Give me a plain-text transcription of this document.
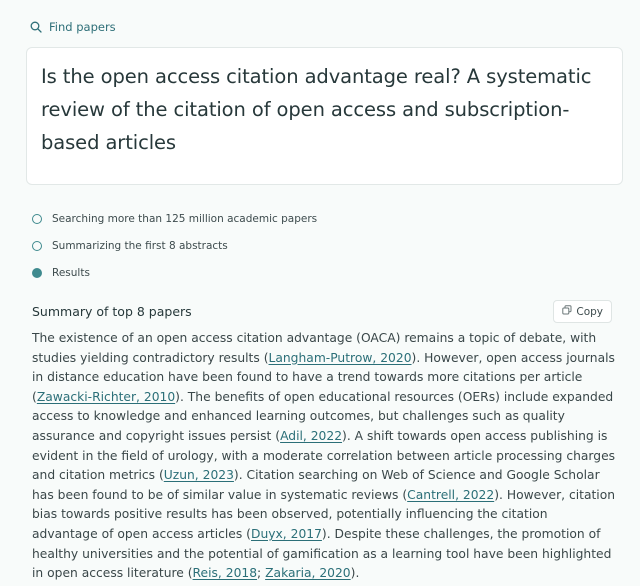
Find papers
Is the open access citation advantage real? A systematic review of the citation of open access and subscription-based articles
Searching more than 125 million academic papers
Summarizing the first 8 abstracts
Results
Summary of top 8 papers	Copy
The existence of an open access citation advantage (OACA) remains a topic of debate, with studies yielding contradictory results (Langham-Putrow, 2020). However, open access journals in distance education have been found to have a trend towards more citations per article (Zawacki-Richter, 2010). The benefits of open educational resources (OERs) include expanded access to knowledge and enhanced learning outcomes, but challenges such as quality assurance and copyright issues persist (Adil, 2022). A shift towards open access publishing is evident in the field of urology, with a moderate correlation between article processing charges and citation metrics (Uzun, 2023). Citation searching on Web of Science and Google Scholar has been found to be of similar value in systematic reviews (Cantrell, 2022). However, citation bias towards positive results has been observed, potentially influencing the citation advantage of open access articles (Duyx, 2017). Despite these challenges, the promotion of healthy universities and the potential of gamification as a learning tool have been highlighted in open access literature (Reis, 2018; Zakaria, 2020).
